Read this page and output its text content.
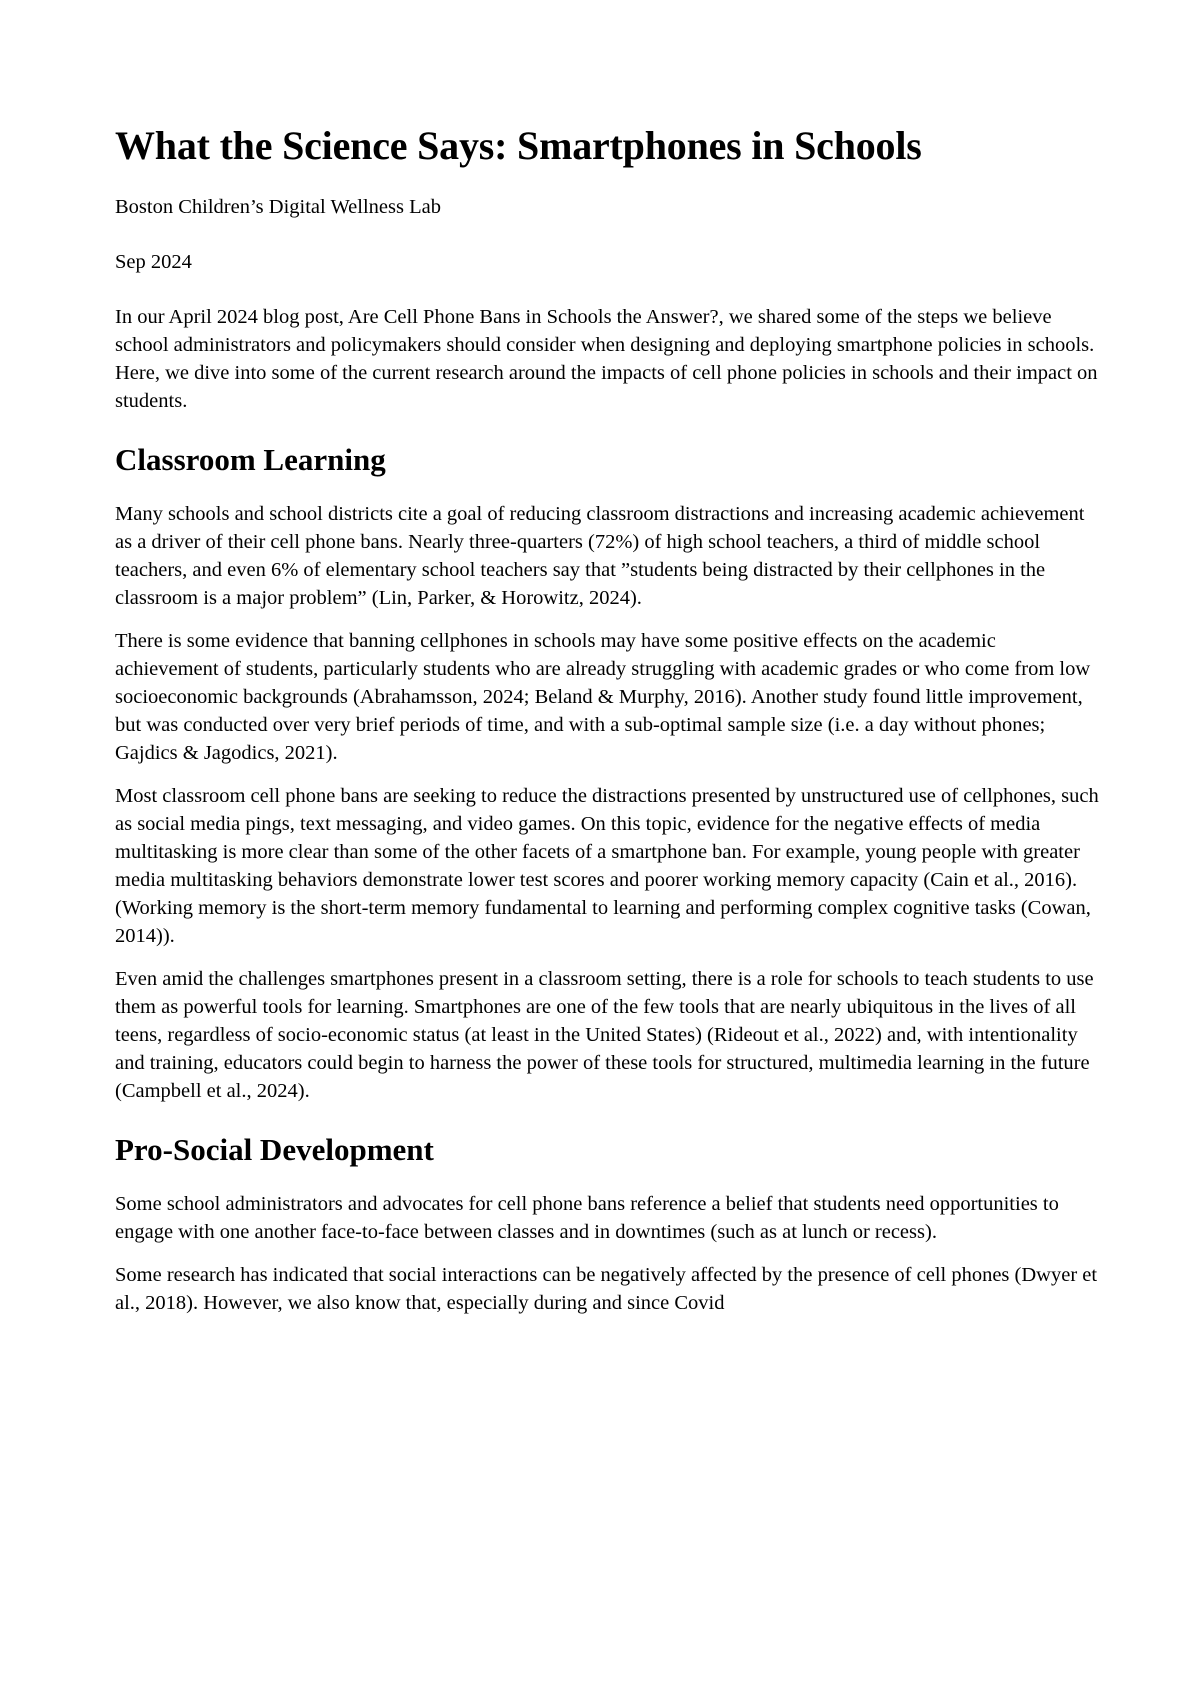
What the Science Says: Smartphones in Schools

Boston Children’s Digital Wellness Lab

Sep 2024

In our April 2024 blog post, Are Cell Phone Bans in Schools the Answer?, we shared some of the steps we believe school administrators and policymakers should consider when designing and deploying smartphone policies in schools. Here, we dive into some of the current research around the impacts of cell phone policies in schools and their impact on students.

Classroom Learning

Many schools and school districts cite a goal of reducing classroom distractions and increasing academic achievement as a driver of their cell phone bans. Nearly three-quarters (72%) of high school teachers, a third of middle school teachers, and even 6% of elementary school teachers say that ”students being distracted by their cellphones in the classroom is a major problem” (Lin, Parker, & Horowitz, 2024).

There is some evidence that banning cellphones in schools may have some positive effects on the academic achievement of students, particularly students who are already struggling with academic grades or who come from low socioeconomic backgrounds (Abrahamsson, 2024; Beland & Murphy, 2016). Another study found little improvement, but was conducted over very brief periods of time, and with a sub-optimal sample size (i.e. a day without phones; Gajdics & Jagodics, 2021).

Most classroom cell phone bans are seeking to reduce the distractions presented by unstructured use of cellphones, such as social media pings, text messaging, and video games. On this topic, evidence for the negative effects of media multitasking is more clear than some of the other facets of a smartphone ban. For example, young people with greater media multitasking behaviors demonstrate lower test scores and poorer working memory capacity (Cain et al., 2016). (Working memory is the short-term memory fundamental to learning and performing complex cognitive tasks (Cowan, 2014)).

Even amid the challenges smartphones present in a classroom setting, there is a role for schools to teach students to use them as powerful tools for learning. Smartphones are one of the few tools that are nearly ubiquitous in the lives of all teens, regardless of socio-economic status (at least in the United States) (Rideout et al., 2022) and, with intentionality and training, educators could begin to harness the power of these tools for structured, multimedia learning in the future (Campbell et al., 2024).

Pro-Social Development

Some school administrators and advocates for cell phone bans reference a belief that students need opportunities to engage with one another face-to-face between classes and in downtimes (such as at lunch or recess).

Some research has indicated that social interactions can be negatively affected by the presence of cell phones (Dwyer et al., 2018). However, we also know that, especially during and since Covid
